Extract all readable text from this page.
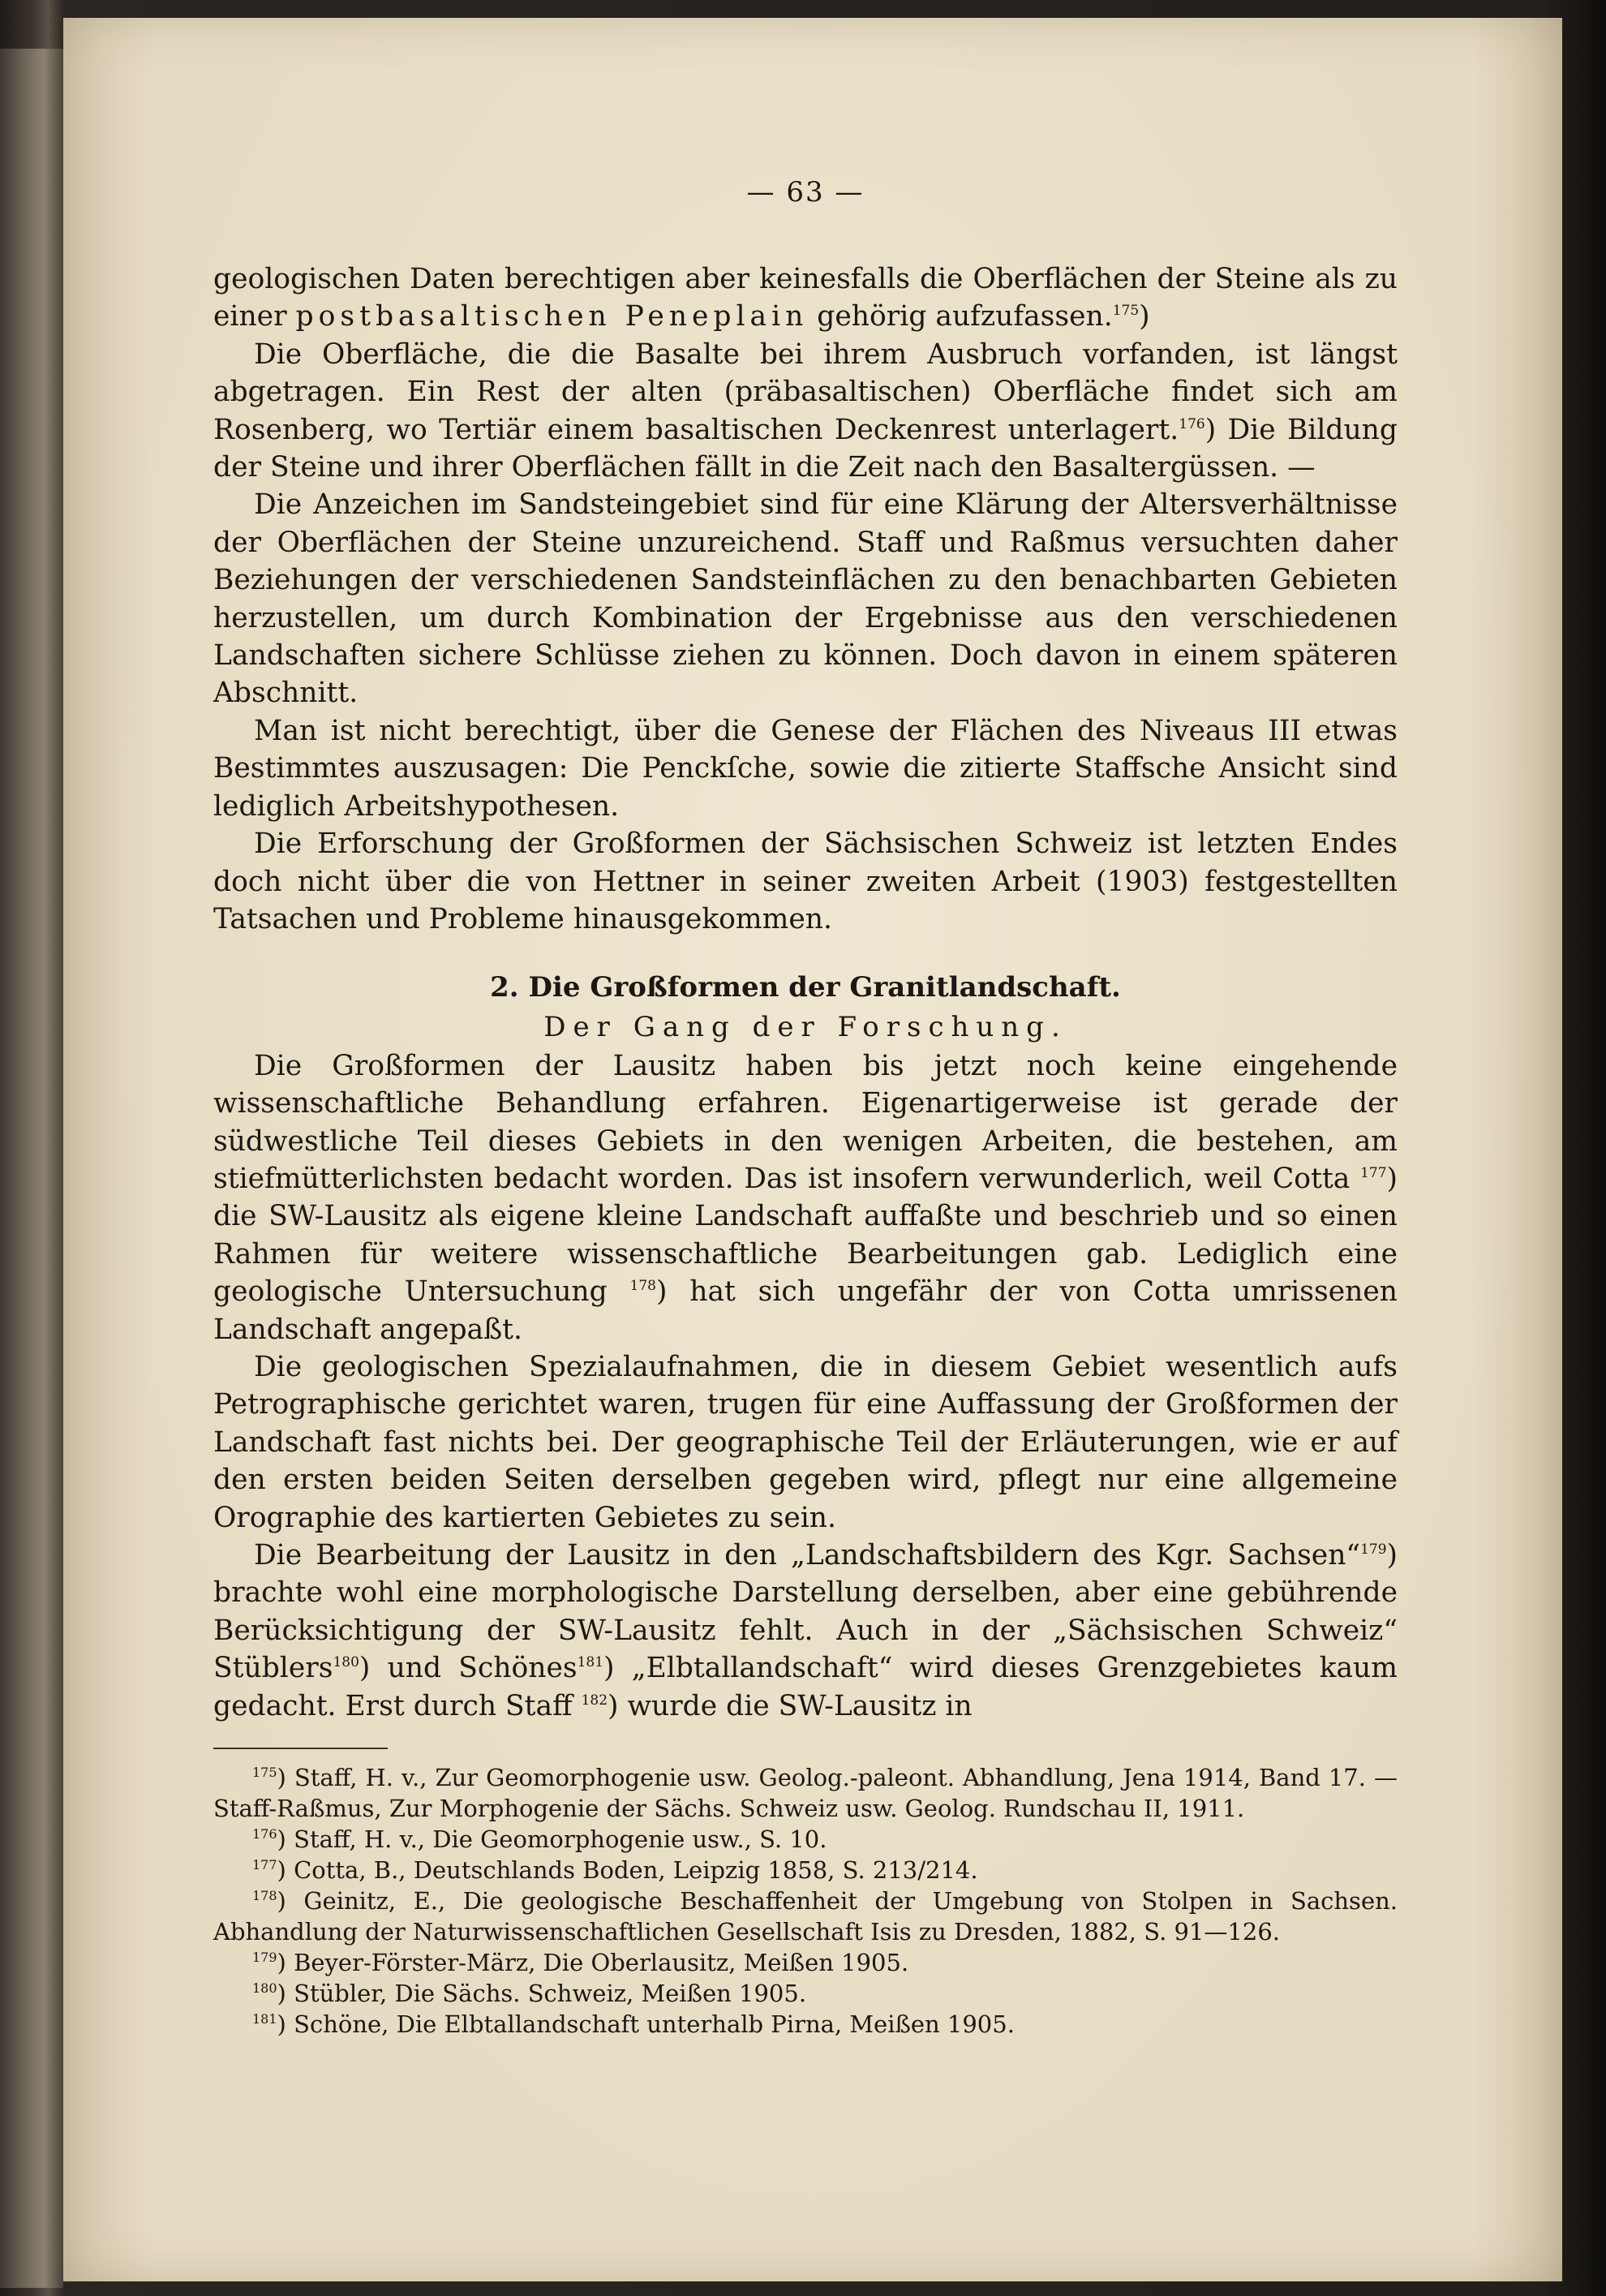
— 63 —

geologischen Daten berechtigen aber keinesfalls die Oberflächen der Steine als zu einer postbasaltischen Peneplain gehörig aufzufassen.$^{175}$)

Die Oberfläche, die die Basalte bei ihrem Ausbruch vorfanden, ist längst abgetragen. Ein Rest der alten (präbasaltischen) Oberfläche findet sich am Rosenberg, wo Tertiär einem basaltischen Deckenrest unterlagert.$^{176}$) Die Bildung der Steine und ihrer Oberflächen fällt in die Zeit nach den Basaltergüssen. —

Die Anzeichen im Sandsteingebiet sind für eine Klärung der Altersverhältnisse der Oberflächen der Steine unzureichend. Staff und Raßmus versuchten daher Beziehungen der verschiedenen Sandsteinflächen zu den benachbarten Gebieten herzustellen, um durch Kombination der Ergebnisse aus den verschiedenen Landschaften sichere Schlüsse ziehen zu können. Doch davon in einem späteren Abschnitt.

Man ist nicht berechtigt, über die Genese der Flächen des Niveaus III etwas Bestimmtes auszusagen: Die Penckſche, sowie die zitierte Staffsche Ansicht sind lediglich Arbeitshypothesen.

Die Erforschung der Großformen der Sächsischen Schweiz ist letzten Endes doch nicht über die von Hettner in seiner zweiten Arbeit (1903) festgestellten Tatsachen und Probleme hinausgekommen.

2. Die Großformen der Granitlandschaft.
Der Gang der Forschung.

Die Großformen der Lausitz haben bis jetzt noch keine eingehende wissenschaftliche Behandlung erfahren. Eigenartigerweise ist gerade der südwestliche Teil dieses Gebiets in den wenigen Arbeiten, die bestehen, am stiefmütterlichsten bedacht worden. Das ist insofern verwunderlich, weil Cotta $^{177}$) die SW-Lausitz als eigene kleine Landschaft auffaßte und beschrieb und so einen Rahmen für weitere wissenschaftliche Bearbeitungen gab. Lediglich eine geologische Untersuchung $^{178}$) hat sich ungefähr der von Cotta umrissenen Landschaft angepaßt.

Die geologischen Spezialaufnahmen, die in diesem Gebiet wesentlich aufs Petrographische gerichtet waren, trugen für eine Auffassung der Großformen der Landschaft fast nichts bei. Der geographische Teil der Erläuterungen, wie er auf den ersten beiden Seiten derselben gegeben wird, pflegt nur eine allgemeine Orographie des kartierten Gebietes zu sein.

Die Bearbeitung der Lausitz in den „Landschaftsbildern des Kgr. Sachsen“$^{179}$) brachte wohl eine morphologische Darstellung derselben, aber eine gebührende Berücksichtigung der SW-Lausitz fehlt. Auch in der „Sächsischen Schweiz“ Stüblers$^{180}$) und Schönes$^{181}$) „Elbtallandschaft“ wird dieses Grenzgebietes kaum gedacht. Erst durch Staff $^{182}$) wurde die SW-Lausitz in

$^{175}$) Staff, H. v., Zur Geomorphogenie usw. Geolog.-paleont. Abhandlung, Jena 1914, Band 17. — Staff-Raßmus, Zur Morphogenie der Sächs. Schweiz usw. Geolog. Rundschau II, 1911.

$^{176}$) Staff, H. v., Die Geomorphogenie usw., S. 10.

$^{177}$) Cotta, B., Deutschlands Boden, Leipzig 1858, S. 213/214.

$^{178}$) Geinitz, E., Die geologische Beschaffenheit der Umgebung von Stolpen in Sachsen. Abhandlung der Naturwissenschaftlichen Gesellschaft Isis zu Dresden, 1882, S. 91—126.

$^{179}$) Beyer-Förster-März, Die Oberlausitz, Meißen 1905.

$^{180}$) Stübler, Die Sächs. Schweiz, Meißen 1905.

$^{181}$) Schöne, Die Elbtallandschaft unterhalb Pirna, Meißen 1905.
